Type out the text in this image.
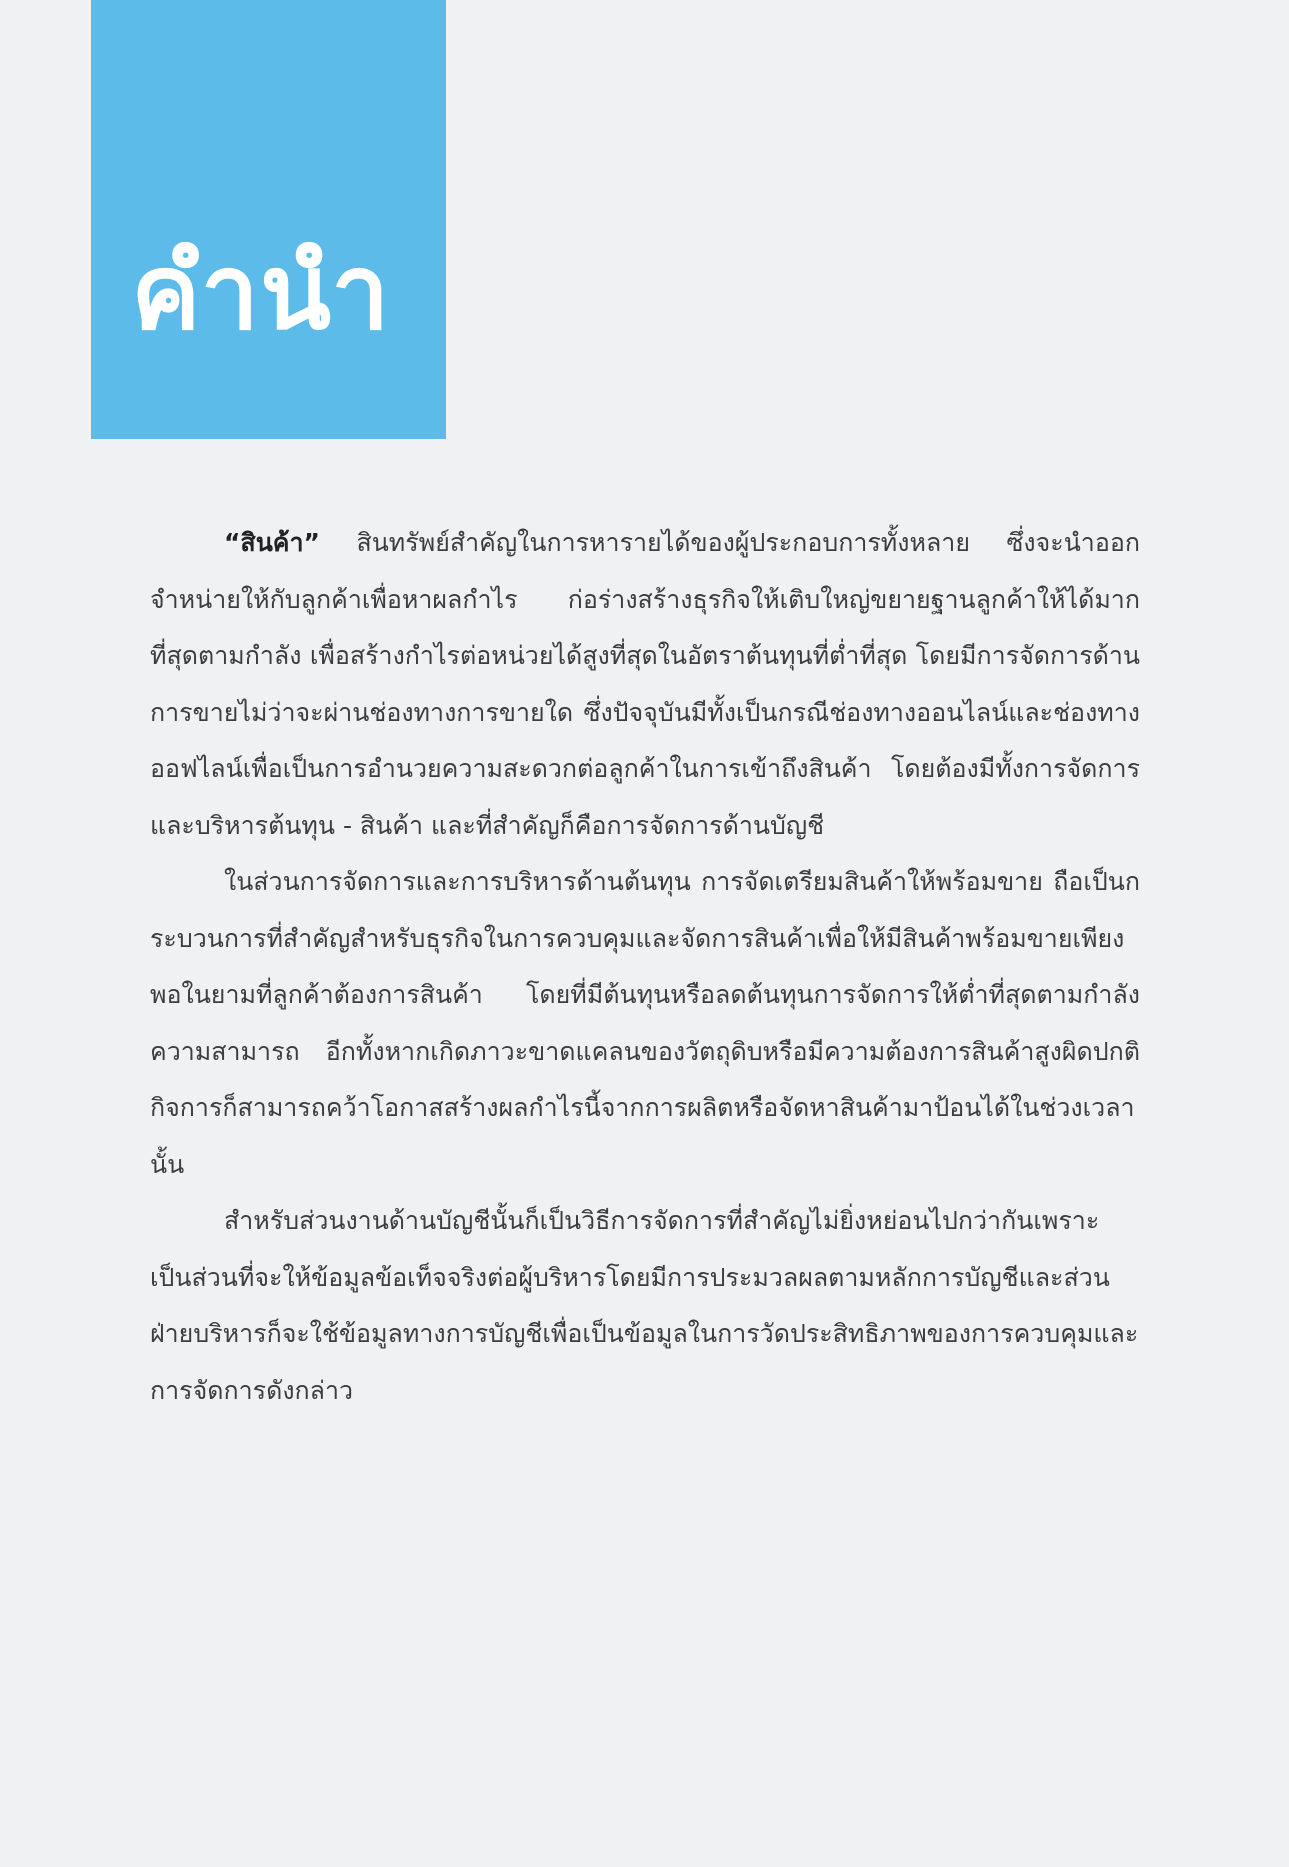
คำนำ

“สินค้า” สินทรัพย์สำคัญในการหารายได้ของผู้ประกอบการทั้งหลาย ซึ่งจะนำออกจำหน่ายให้กับลูกค้าเพื่อหาผลกำไร ก่อร่างสร้างธุรกิจให้เติบใหญ่ขยายฐานลูกค้าให้ได้มากที่สุดตามกำลัง เพื่อสร้างกำไรต่อหน่วยได้สูงที่สุดในอัตราต้นทุนที่ต่ำที่สุด โดยมีการจัดการด้านการขายไม่ว่าจะผ่านช่องทางการขายใด ซึ่งปัจจุบันมีทั้งเป็นกรณีช่องทางออนไลน์และช่องทางออฟไลน์เพื่อเป็นการอำนวยความสะดวกต่อลูกค้าในการเข้าถึงสินค้า โดยต้องมีทั้งการจัดการและบริหารต้นทุน - สินค้า และที่สำคัญก็คือการจัดการด้านบัญชี

ในส่วนการจัดการและการบริหารด้านต้นทุน การจัดเตรียมสินค้าให้พร้อมขาย ถือเป็นกระบวนการที่สำคัญสำหรับธุรกิจในการควบคุมและจัดการสินค้าเพื่อให้มีสินค้าพร้อมขายเพียงพอในยามที่ลูกค้าต้องการสินค้า โดยที่มีต้นทุนหรือลดต้นทุนการจัดการให้ต่ำที่สุดตามกำลังความสามารถ อีกทั้งหากเกิดภาวะขาดแคลนของวัตถุดิบหรือมีความต้องการสินค้าสูงผิดปกติ กิจการก็สามารถคว้าโอกาสสร้างผลกำไรนี้จากการผลิตหรือจัดหาสินค้ามาป้อนได้ในช่วงเวลานั้น

สำหรับส่วนงานด้านบัญชีนั้นก็เป็นวิธีการจัดการที่สำคัญไม่ยิ่งหย่อนไปกว่ากันเพราะเป็นส่วนที่จะให้ข้อมูลข้อเท็จจริงต่อผู้บริหารโดยมีการประมวลผลตามหลักการบัญชีและส่วนฝ่ายบริหารก็จะใช้ข้อมูลทางการบัญชีเพื่อเป็นข้อมูลในการวัดประสิทธิภาพของการควบคุมและการจัดการดังกล่าว
